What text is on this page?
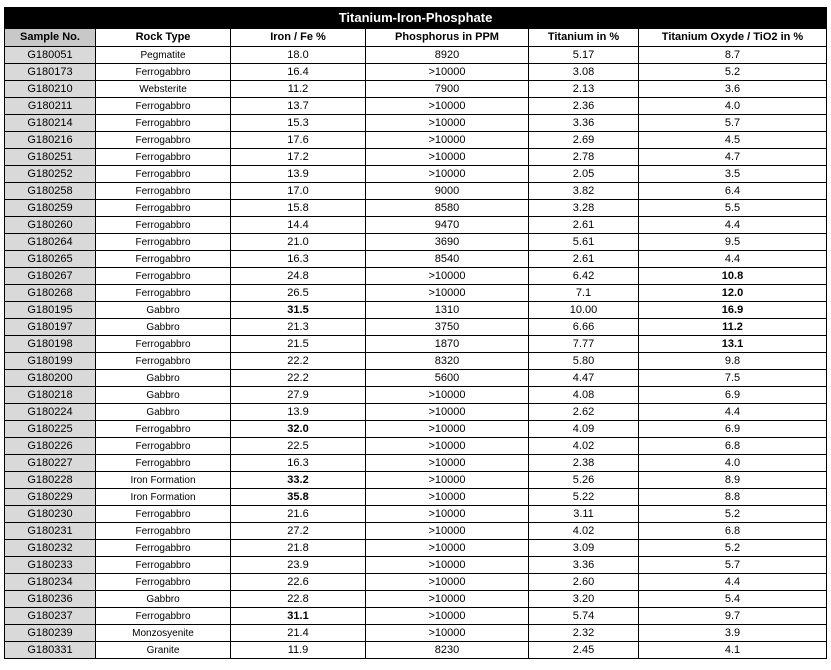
Titanium-Iron-Phosphate					
Sample No.	Rock Type	Iron / Fe %	Phosphorus in PPM	Titanium in %	Titanium Oxyde / TiO2 in %
G180051	Pegmatite	18.0	8920	5.17	8.7
G180173	Ferrogabbro	16.4	>10000	3.08	5.2
G180210	Websterite	11.2	7900	2.13	3.6
G180211	Ferrogabbro	13.7	>10000	2.36	4.0
G180214	Ferrogabbro	15.3	>10000	3.36	5.7
G180216	Ferrogabbro	17.6	>10000	2.69	4.5
G180251	Ferrogabbro	17.2	>10000	2.78	4.7
G180252	Ferrogabbro	13.9	>10000	2.05	3.5
G180258	Ferrogabbro	17.0	9000	3.82	6.4
G180259	Ferrogabbro	15.8	8580	3.28	5.5
G180260	Ferrogabbro	14.4	9470	2.61	4.4
G180264	Ferrogabbro	21.0	3690	5.61	9.5
G180265	Ferrogabbro	16.3	8540	2.61	4.4
G180267	Ferrogabbro	24.8	>10000	6.42	10.8
G180268	Ferrogabbro	26.5	>10000	7.1	12.0
G180195	Gabbro	31.5	1310	10.00	16.9
G180197	Gabbro	21.3	3750	6.66	11.2
G180198	Ferrogabbro	21.5	1870	7.77	13.1
G180199	Ferrogabbro	22.2	8320	5.80	9.8
G180200	Gabbro	22.2	5600	4.47	7.5
G180218	Gabbro	27.9	>10000	4.08	6.9
G180224	Gabbro	13.9	>10000	2.62	4.4
G180225	Ferrogabbro	32.0	>10000	4.09	6.9
G180226	Ferrogabbro	22.5	>10000	4.02	6.8
G180227	Ferrogabbro	16.3	>10000	2.38	4.0
G180228	Iron Formation	33.2	>10000	5.26	8.9
G180229	Iron Formation	35.8	>10000	5.22	8.8
G180230	Ferrogabbro	21.6	>10000	3.11	5.2
G180231	Ferrogabbro	27.2	>10000	4.02	6.8
G180232	Ferrogabbro	21.8	>10000	3.09	5.2
G180233	Ferrogabbro	23.9	>10000	3.36	5.7
G180234	Ferrogabbro	22.6	>10000	2.60	4.4
G180236	Gabbro	22.8	>10000	3.20	5.4
G180237	Ferrogabbro	31.1	>10000	5.74	9.7
G180239	Monzosyenite	21.4	>10000	2.32	3.9
G180331	Granite	11.9	8230	2.45	4.1
